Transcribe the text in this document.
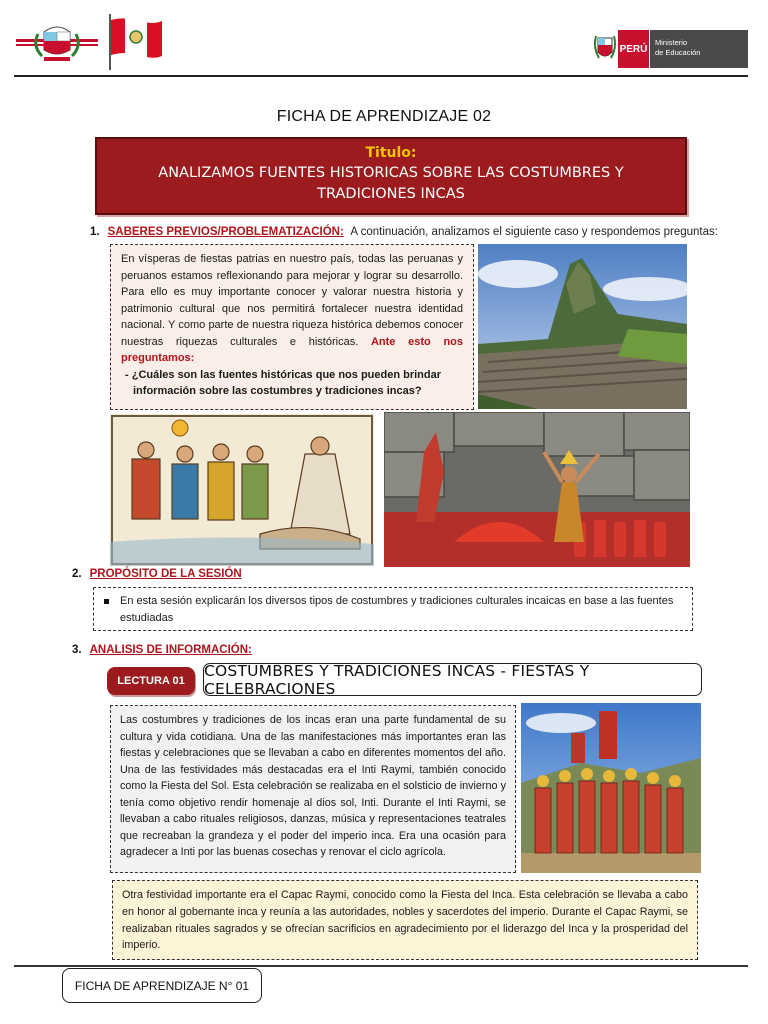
PERÚ
Ministerio
de Educación
FICHA DE APRENDIZAJE 02
Titulo:
ANALIZAMOS FUENTES HISTORICAS SOBRE LAS COSTUMBRES Y TRADICIONES INCAS
1. SABERES PREVIOS/PROBLEMATIZACIÓN: A continuación, analizamos el siguiente caso y respondemos preguntas:
En vísperas de fiestas patrias en nuestro país, todas las peruanas y peruanos estamos reflexionando para mejorar y lograr su desarrollo. Para ello es muy importante conocer y valorar nuestra historia y patrimonio cultural que nos permitirá fortalecer nuestra identidad nacional. Y como parte de nuestra riqueza histórica debemos conocer nuestras riquezas culturales e históricas. Ante esto nos preguntamos:
- ¿Cuáles son las fuentes históricas que nos pueden brindar
información sobre las costumbres y tradiciones incas?
2. PROPÓSITO DE LA SESIÓN
En esta sesión explicarán los diversos tipos de costumbres y tradiciones culturales incaicas en base a las fuentes estudiadas
3. ANALISIS DE INFORMACIÓN:
LECTURA 01
COSTUMBRES Y TRADICIONES INCAS - FIESTAS Y CELEBRACIONES
Las costumbres y tradiciones de los incas eran una parte fundamental de su cultura y vida cotidiana. Una de las manifestaciones más importantes eran las fiestas y celebraciones que se llevaban a cabo en diferentes momentos del año. Una de las festividades más destacadas era el Inti Raymi, también conocido como la Fiesta del Sol. Esta celebración se realizaba en el solsticio de invierno y tenía como objetivo rendir homenaje al dios sol, Inti. Durante el Inti Raymi, se llevaban a cabo rituales religiosos, danzas, música y representaciones teatrales que recreaban la grandeza y el poder del imperio inca. Era una ocasión para agradecer a Inti por las buenas cosechas y renovar el ciclo agrícola.
Otra festividad importante era el Capac Raymi, conocido como la Fiesta del Inca. Esta celebración se llevaba a cabo en honor al gobernante inca y reunía a las autoridades, nobles y sacerdotes del imperio. Durante el Capac Raymi, se realizaban rituales sagrados y se ofrecían sacrificios en agradecimiento por el liderazgo del Inca y la prosperidad del imperio.
FICHA DE APRENDIZAJE N° 01
